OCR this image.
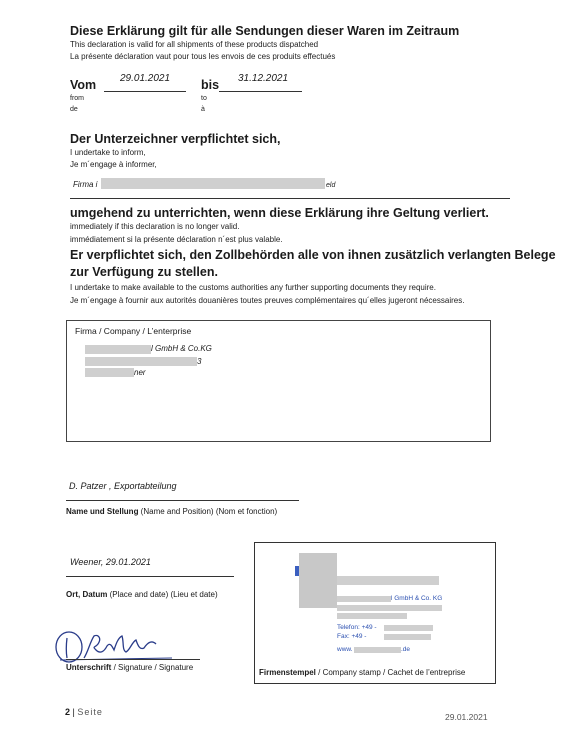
Diese Erklärung gilt für alle Sendungen dieser Waren im Zeitraum
This declaration is valid for all shipments of these products dispatched
La présente déclaration vaut pour tous les envois de ces produits effectués
Vom 29.01.2021
from
de
bis 31.12.2021
to
à
Der Unterzeichner verpflichtet sich,
I undertake to inform,
Je m´engage à informer,
Firma i	eld
umgehend zu unterrichten, wenn diese Erklärung ihre Geltung verliert.
immediately if this declaration is no longer valid.
immédiatement si la présente déclaration n´est plus valable.
Er verpflichtet sich, den Zollbehörden alle von ihnen zusätzlich verlangten Belege
zur Verfügung zu stellen.
I undertake to make available to the customs authorities any further supporting documents they require.
Je m´engage à fournir aux autorités douanières toutes preuves complémentaires qu´elles jugeront nécessaires.
Firma / Company / L’enterprise
l GmbH & Co.KG
3
ner
D. Patzer , Exportabteilung
Name und Stellung (Name and Position) (Nom et fonction)
Weener, 29.01.2021
Ort, Datum (Place and date) (Lieu et date)
Unterschrift / Signature / Signature
l GmbH & Co. KG
Telefon: +49 -
Fax: +49 -
www.	.de
Firmenstempel / Company stamp / Cachet de l’entreprise
2 | Seite	29.01.2021
